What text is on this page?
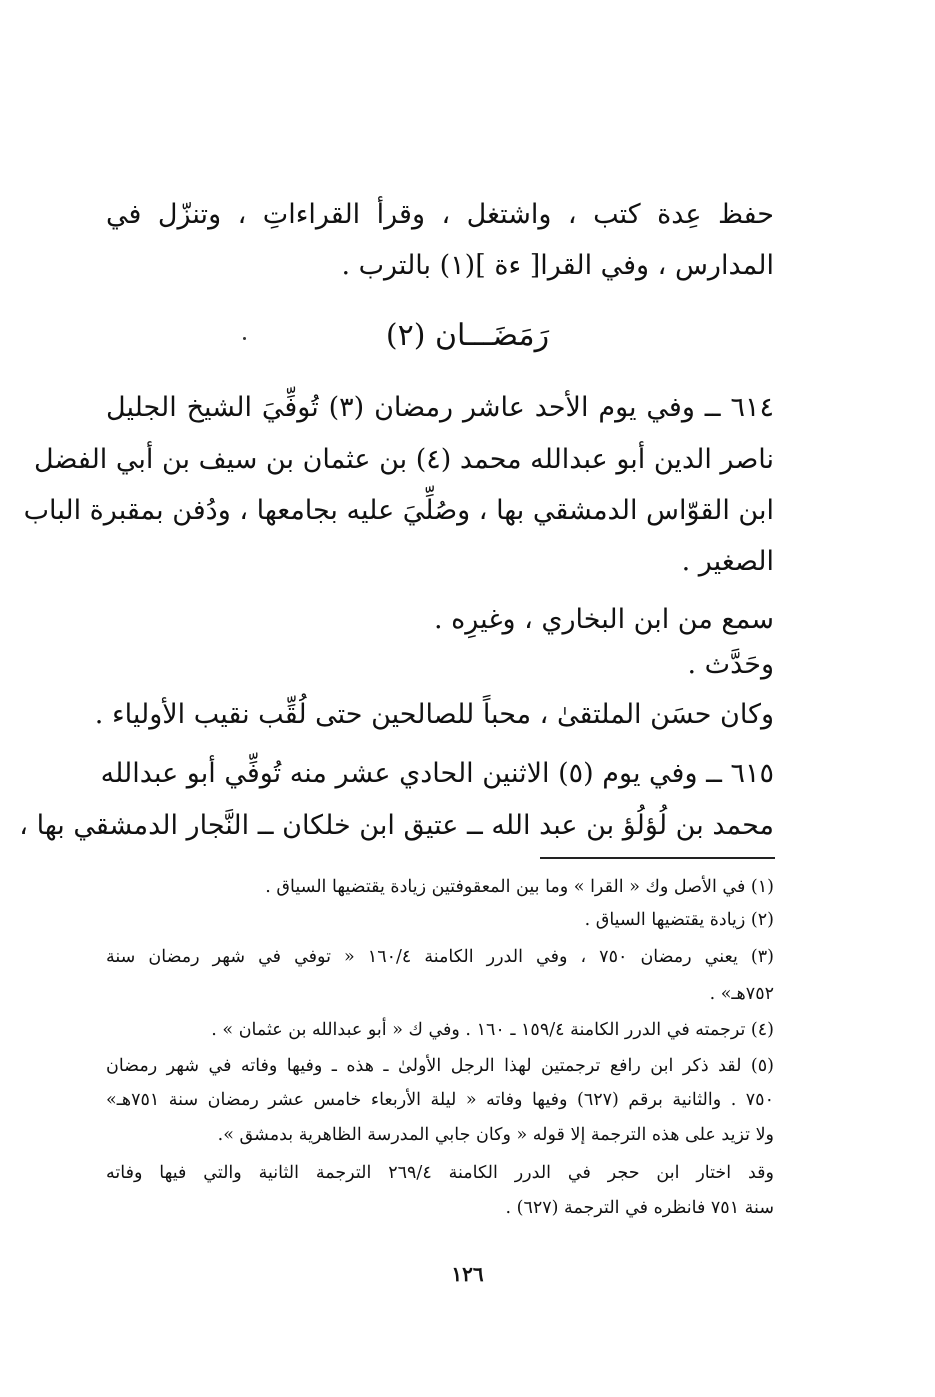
حفظ عِدة كتب ، واشتغل ، وقرأ القراءاتِ ، وتنزّل في
المدارس ، وفي القرا[ ءة ](١) بالترب .
رَمَضَـــان (٢)
٦١٤ ــ وفي يوم الأحد عاشر رمضان (٣) تُوفِّيَ الشيخ الجليل
ناصر الدين أبو عبدالله محمد (٤) بن عثمان بن سيف بن أبي الفضل
ابن القوّاس الدمشقي بها ، وصُلِّيَ عليه بجامعها ، ودُفن بمقبرة الباب
الصغير .
سمع من ابن البخاري ، وغيرِه .
وحَدَّث .
وكان حسَن الملتقىٰ ، محباً للصالحين حتى لُقِّب نقيب الأولياء .
٦١٥ ــ وفي يوم (٥) الاثنين الحادي عشر منه تُوفِّي أبو عبدالله
محمد بن لُؤلُؤ بن عبد الله ــ عتيق ابن خلكان ــ النَّجار الدمشقي بها ،
(١) في الأصل وك « القرا » وما بين المعقوفتين زيادة يقتضيها السياق .
(٢) زيادة يقتضيها السياق .
(٣) يعني رمضان ٧٥٠ ، وفي الدرر الكامنة ١٦٠/٤ « توفي في شهر رمضان سنة
٧٥٢هـ» .
(٤) ترجمته في الدرر الكامنة ١٥٩/٤ ـ ١٦٠ . وفي ك « أبو عبدالله بن عثمان » .
(٥) لقد ذكر ابن رافع ترجمتين لهذا الرجل الأولىٰ ـ هذه ـ وفيها وفاته في شهر رمضان
٧٥٠ . والثانية برقم (٦٢٧) وفيها وفاته « ليلة الأربعاء خامس عشر رمضان سنة ٧٥١هـ»
ولا تزيد على هذه الترجمة إلا قوله « وكان جابي المدرسة الظاهرية بدمشق ».
وقد اختار ابن حجر في الدرر الكامنة ٢٦٩/٤ الترجمة الثانية والتي فيها وفاته
سنة ٧٥١ فانظره في الترجمة (٦٢٧) .
١٢٦
